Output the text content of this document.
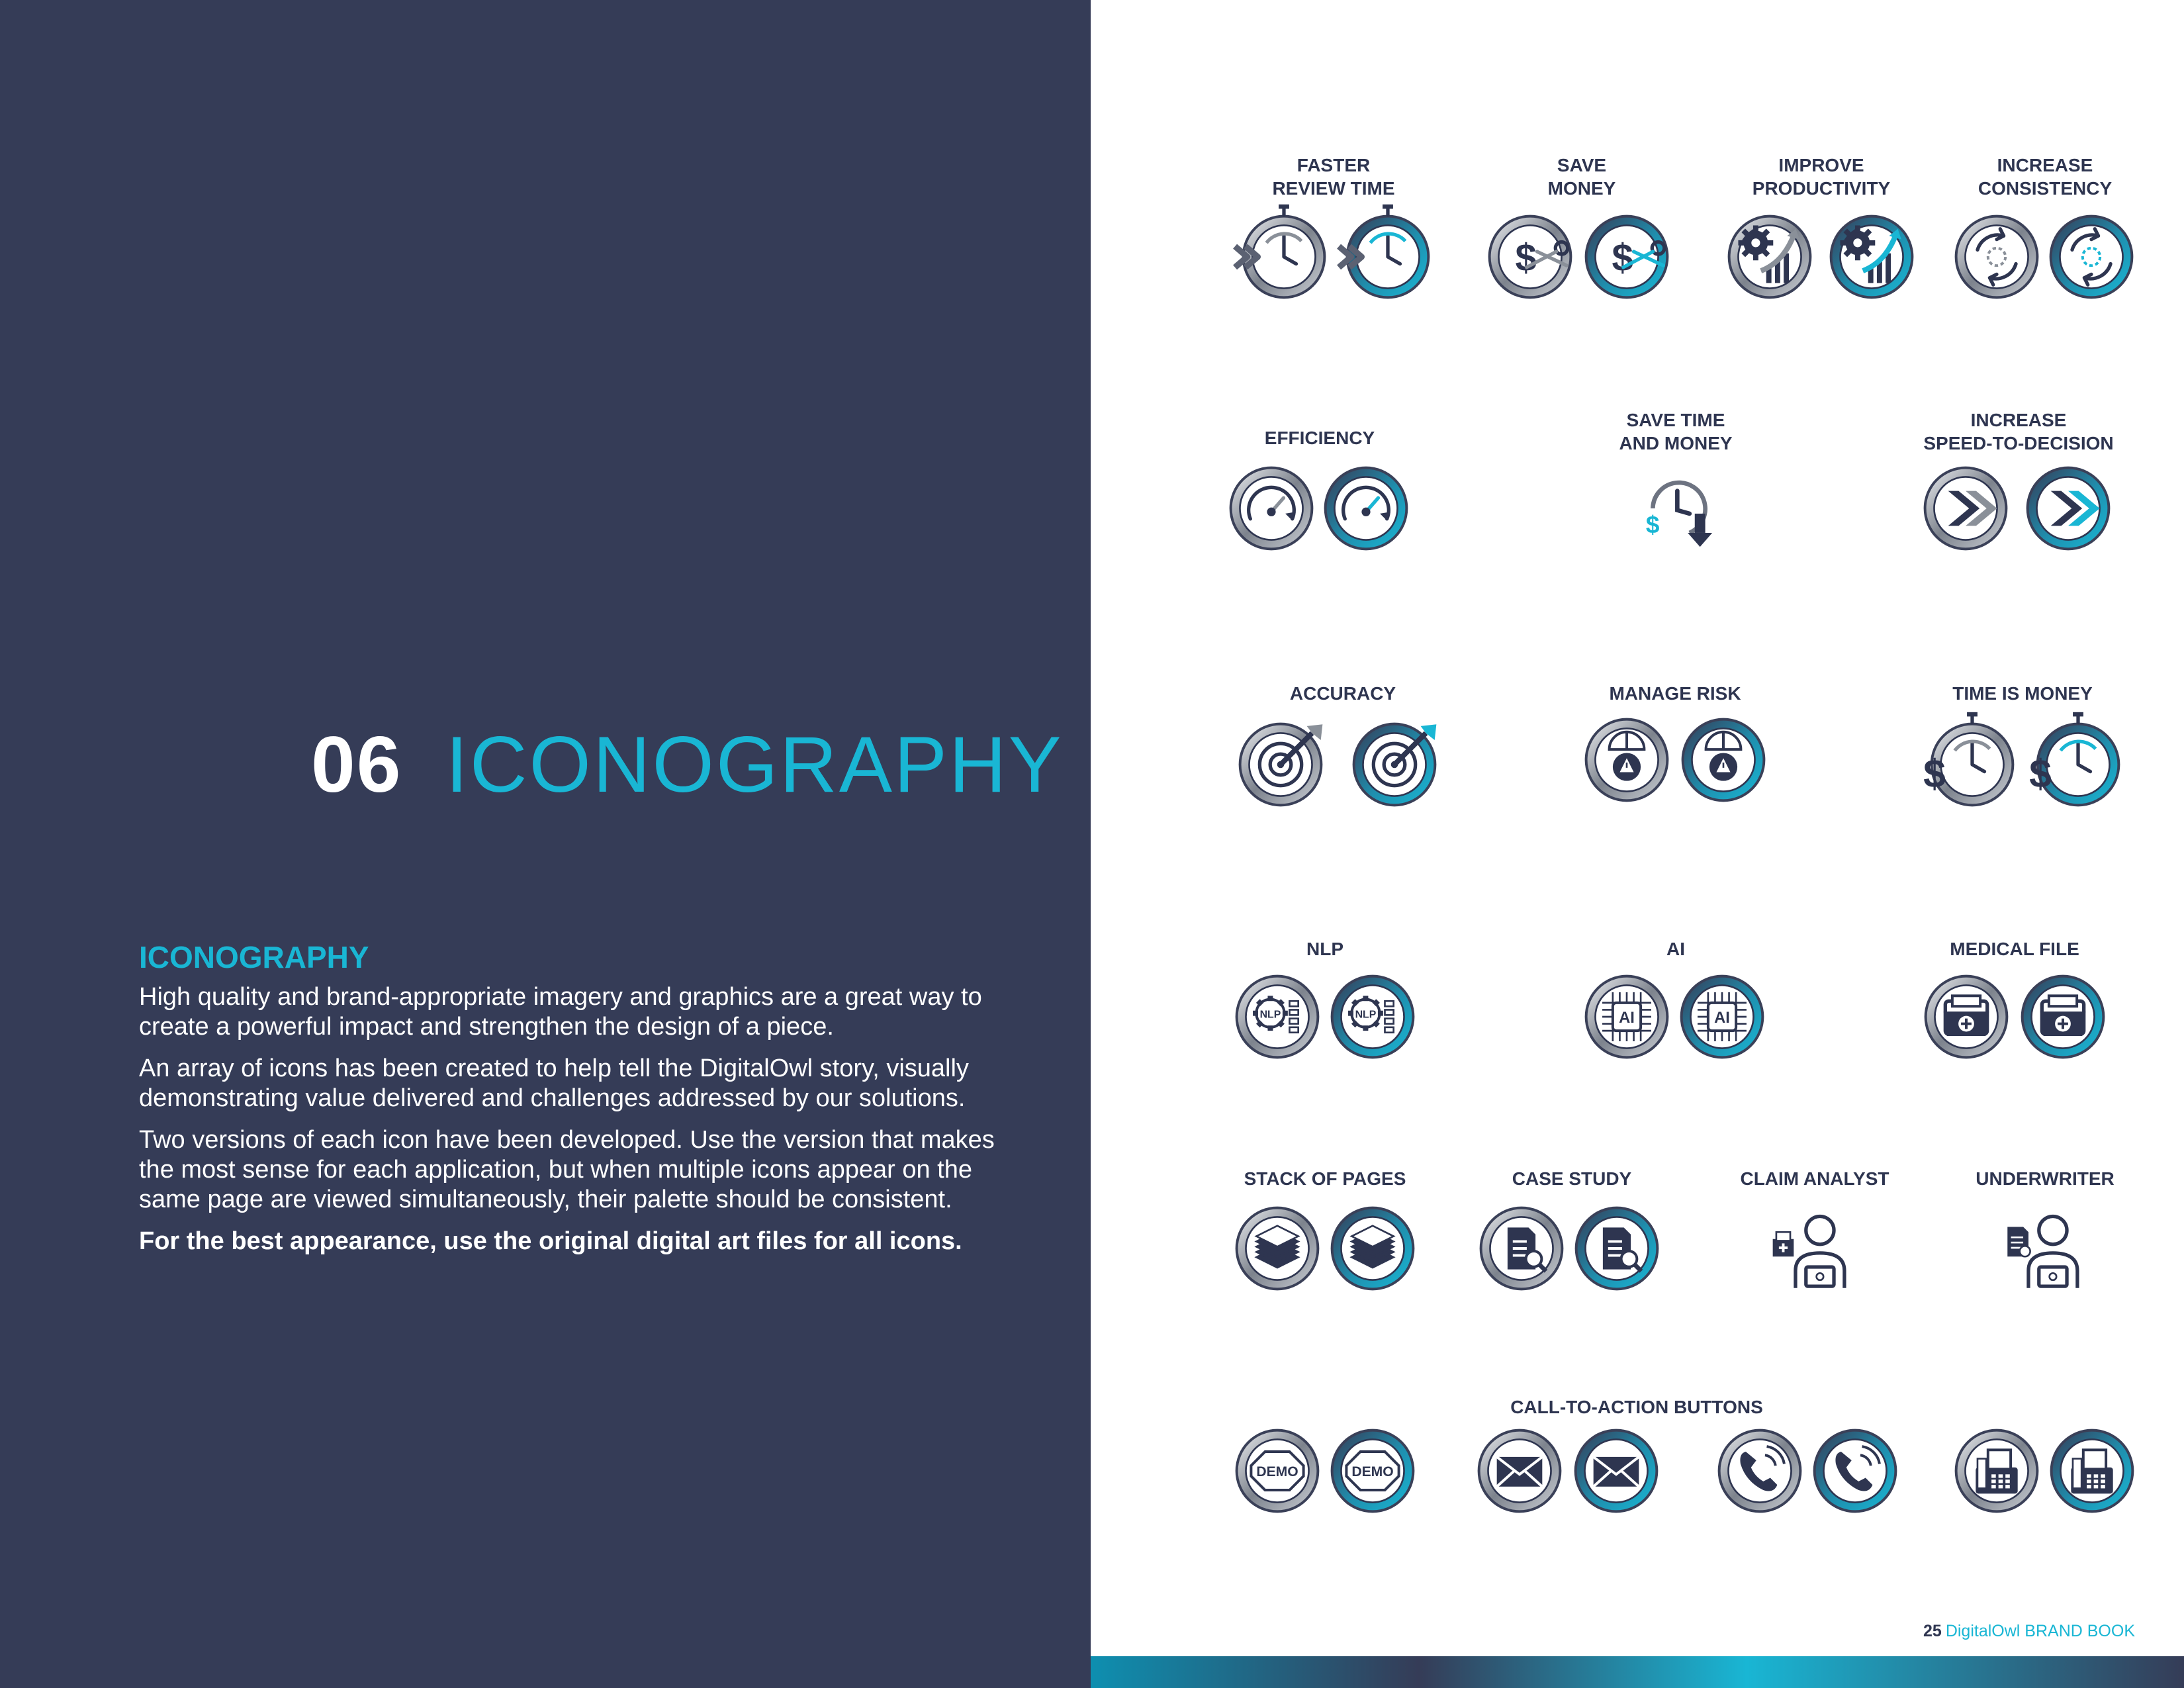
06 ICONOGRAPHY
ICONOGRAPHY

High quality and brand-appropriate imagery and graphics are a great way to create a powerful impact and strengthen the design of a piece.

An array of icons has been created to help tell the DigitalOwl story, visually demonstrating value delivered and challenges addressed by our solutions.

Two versions of each icon have been developed. Use the version that makes the most sense for each application, but when multiple icons appear on the same page are viewed simultaneously, their palette should be consistent.

For the best appearance, use the original digital art files for all icons.

FASTER
REVIEW TIME
SAVE
MONEY
$	$
IMPROVE
PRODUCTIVITY
INCREASE
CONSISTENCY
EFFICIENCY
SAVE TIME
AND MONEY
$
INCREASE
SPEED-TO-DECISION
ACCURACY	MANAGE RISK	TIME IS MONEY
$	$
NLP
NLP	NLP
AI
AI	AI
MEDICAL FILE
STACK OF PAGES	CASE STUDY	CLAIM ANALYST	UNDERWRITER
CALL-TO-ACTION BUTTONS
DEMO	DEMO
25 DigitalOwl BRAND BOOK
